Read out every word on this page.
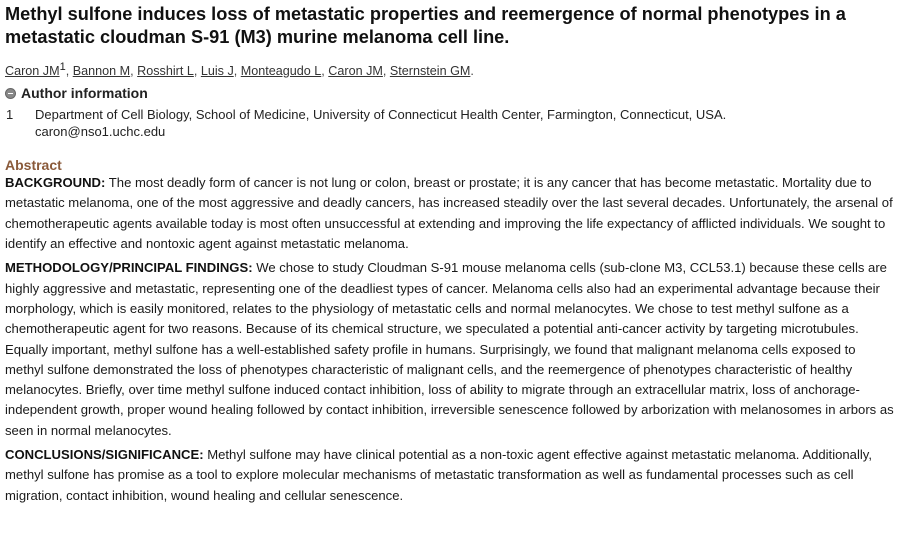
Methyl sulfone induces loss of metastatic properties and reemergence of normal phenotypes in a metastatic cloudman S-91 (M3) murine melanoma cell line.
Caron $JM^1$, Bannon M, Rosshirt L, Luis J, Monteagudo L, Caron JM, Sternstein GM.
Author information
1	Department of Cell Biology, School of Medicine, University of Connecticut Health Center, Farmington, Connecticut, USA.
caron@nso1.uchc.edu
Abstract

BACKGROUND: The most deadly form of cancer is not lung or colon, breast or prostate; it is any cancer that has become metastatic. Mortality due to metastatic melanoma, one of the most aggressive and deadly cancers, has increased steadily over the last several decades. Unfortunately, the arsenal of chemotherapeutic agents available today is most often unsuccessful at extending and improving the life expectancy of afflicted individuals. We sought to identify an effective and nontoxic agent against metastatic melanoma.

METHODOLOGY/PRINCIPAL FINDINGS: We chose to study Cloudman S-91 mouse melanoma cells (sub-clone M3, CCL53.1) because these cells are highly aggressive and metastatic, representing one of the deadliest types of cancer. Melanoma cells also had an experimental advantage because their morphology, which is easily monitored, relates to the physiology of metastatic cells and normal melanocytes. We chose to test methyl sulfone as a chemotherapeutic agent for two reasons. Because of its chemical structure, we speculated a potential anti-cancer activity by targeting microtubules. Equally important, methyl sulfone has a well-established safety profile in humans. Surprisingly, we found that malignant melanoma cells exposed to methyl sulfone demonstrated the loss of phenotypes characteristic of malignant cells, and the reemergence of phenotypes characteristic of healthy melanocytes. Briefly, over time methyl sulfone induced contact inhibition, loss of ability to migrate through an extracellular matrix, loss of anchorage-independent growth, proper wound healing followed by contact inhibition, irreversible senescence followed by arborization with melanosomes in arbors as seen in normal melanocytes.

CONCLUSIONS/SIGNIFICANCE: Methyl sulfone may have clinical potential as a non-toxic agent effective against metastatic melanoma. Additionally, methyl sulfone has promise as a tool to explore molecular mechanisms of metastatic transformation as well as fundamental processes such as cell migration, contact inhibition, wound healing and cellular senescence.
